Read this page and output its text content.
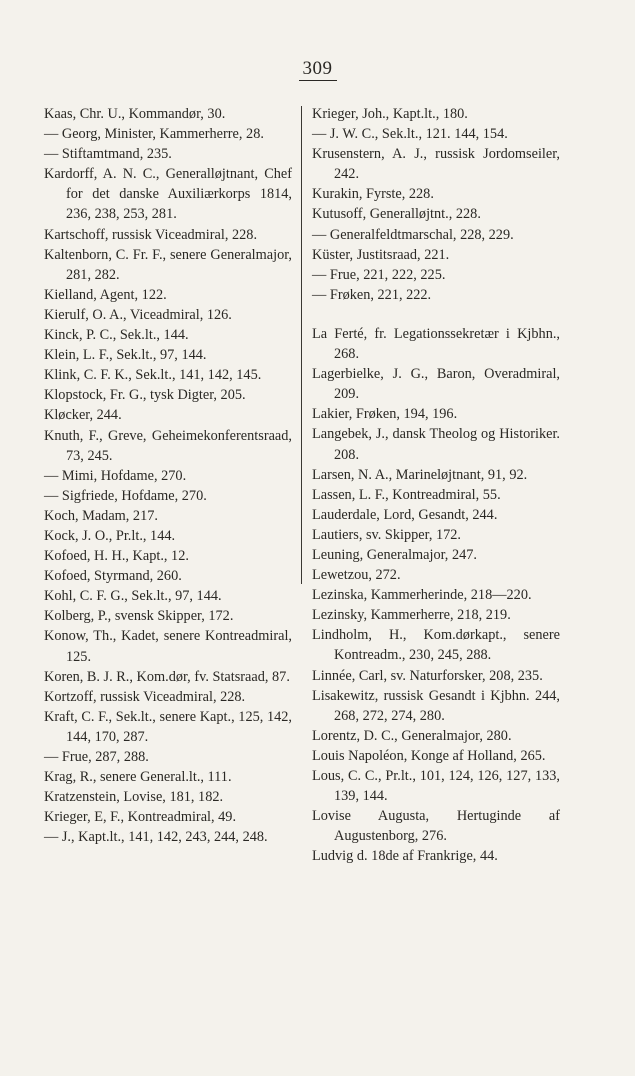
309
Kaas, Chr. U., Kommandør, 30.
— Georg, Minister, Kammerherre, 28.
— Stiftamtmand, 235.
Kardorff, A. N. C., Generalløjtnant, Chef for det danske Auxiliærkorps 1814, 236, 238, 253, 281.
Kartschoff, russisk Viceadmiral, 228.
Kaltenborn, C. Fr. F., senere Generalmajor, 281, 282.
Kielland, Agent, 122.
Kierulf, O. A., Viceadmiral, 126.
Kinck, P. C., Sek.lt., 144.
Klein, L. F., Sek.lt., 97, 144.
Klink, C. F. K., Sek.lt., 141, 142, 145.
Klopstock, Fr. G., tysk Digter, 205.
Kløcker, 244.
Knuth, F., Greve, Geheimekonferentsraad, 73, 245.
— Mimi, Hofdame, 270.
— Sigfriede, Hofdame, 270.
Koch, Madam, 217.
Kock, J. O., Pr.lt., 144.
Kofoed, H. H., Kapt., 12.
Kofoed, Styrmand, 260.
Kohl, C. F. G., Sek.lt., 97, 144.
Kolberg, P., svensk Skipper, 172.
Konow, Th., Kadet, senere Kontreadmiral, 125.
Koren, B. J. R., Kom.dør, fv. Statsraad, 87.
Kortzoff, russisk Viceadmiral, 228.
Kraft, C. F., Sek.lt., senere Kapt., 125, 142, 144, 170, 287.
— Frue, 287, 288.
Krag, R., senere General.lt., 111.
Kratzenstein, Lovise, 181, 182.
Krieger, E, F., Kontreadmiral, 49.
— J., Kapt.lt., 141, 142, 243, 244, 248.
Krieger, Joh., Kapt.lt., 180.
— J. W. C., Sek.lt., 121. 144, 154.
Krusenstern, A. J., russisk Jordomseiler, 242.
Kurakin, Fyrste, 228.
Kutusoff, Generalløjtnt., 228.
— Generalfeldtmarschal, 228, 229.
Küster, Justitsraad, 221.
— Frue, 221, 222, 225.
— Frøken, 221, 222.
La Ferté, fr. Legationssekretær i Kjbhn., 268.
Lagerbielke, J. G., Baron, Overadmiral, 209.
Lakier, Frøken, 194, 196.
Langebek, J., dansk Theolog og Historiker. 208.
Larsen, N. A., Marineløjtnant, 91, 92.
Lassen, L. F., Kontreadmiral, 55.
Lauderdale, Lord, Gesandt, 244.
Lautiers, sv. Skipper, 172.
Leuning, Generalmajor, 247.
Lewetzou, 272.
Lezinska, Kammerherinde, 218—220.
Lezinsky, Kammerherre, 218, 219.
Lindholm, H., Kom.dørkapt., senere Kontreadm., 230, 245, 288.
Linnée, Carl, sv. Naturforsker, 208, 235.
Lisakewitz, russisk Gesandt i Kjbhn. 244, 268, 272, 274, 280.
Lorentz, D. C., Generalmajor, 280.
Louis Napoléon, Konge af Holland, 265.
Lous, C. C., Pr.lt., 101, 124, 126, 127, 133, 139, 144.
Lovise Augusta, Hertuginde af Augustenborg, 276.
Ludvig d. 18de af Frankrige, 44.
